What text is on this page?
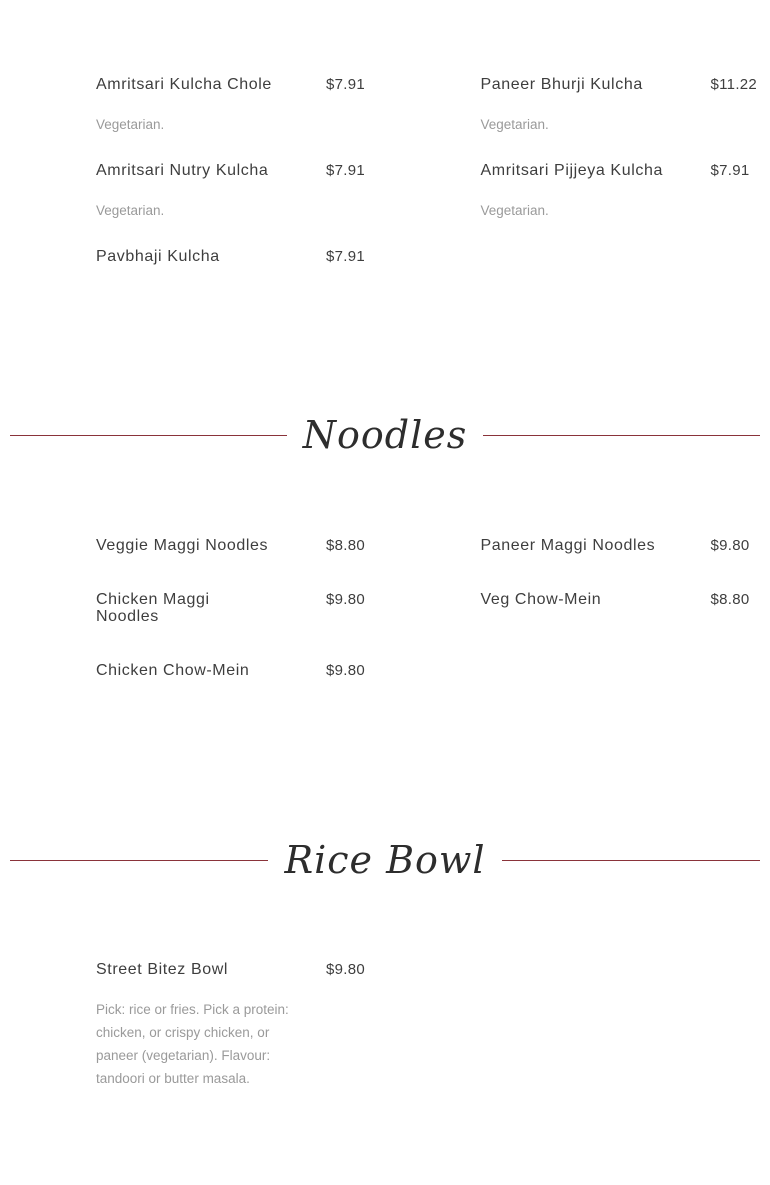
Amritsari Kulcha Chole	$7.91
Vegetarian.
Amritsari Nutry Kulcha	$7.91
Vegetarian.
Pavbhaji Kulcha	$7.91
Paneer Bhurji Kulcha	$11.22
Vegetarian.
Amritsari Pijjeya Kulcha	$7.91
Vegetarian.
Noodles
Veggie Maggi Noodles	$8.80
Chicken Maggi Noodles
$9.80
Chicken Chow-Mein	$9.80
Paneer Maggi Noodles	$9.80
Veg Chow-Mein	$8.80
Rice Bowl
Street Bitez Bowl	$9.80
Pick: rice or fries. Pick a protein: chicken, or crispy chicken, or paneer (vegetarian). Flavour: tandoori or butter masala.
